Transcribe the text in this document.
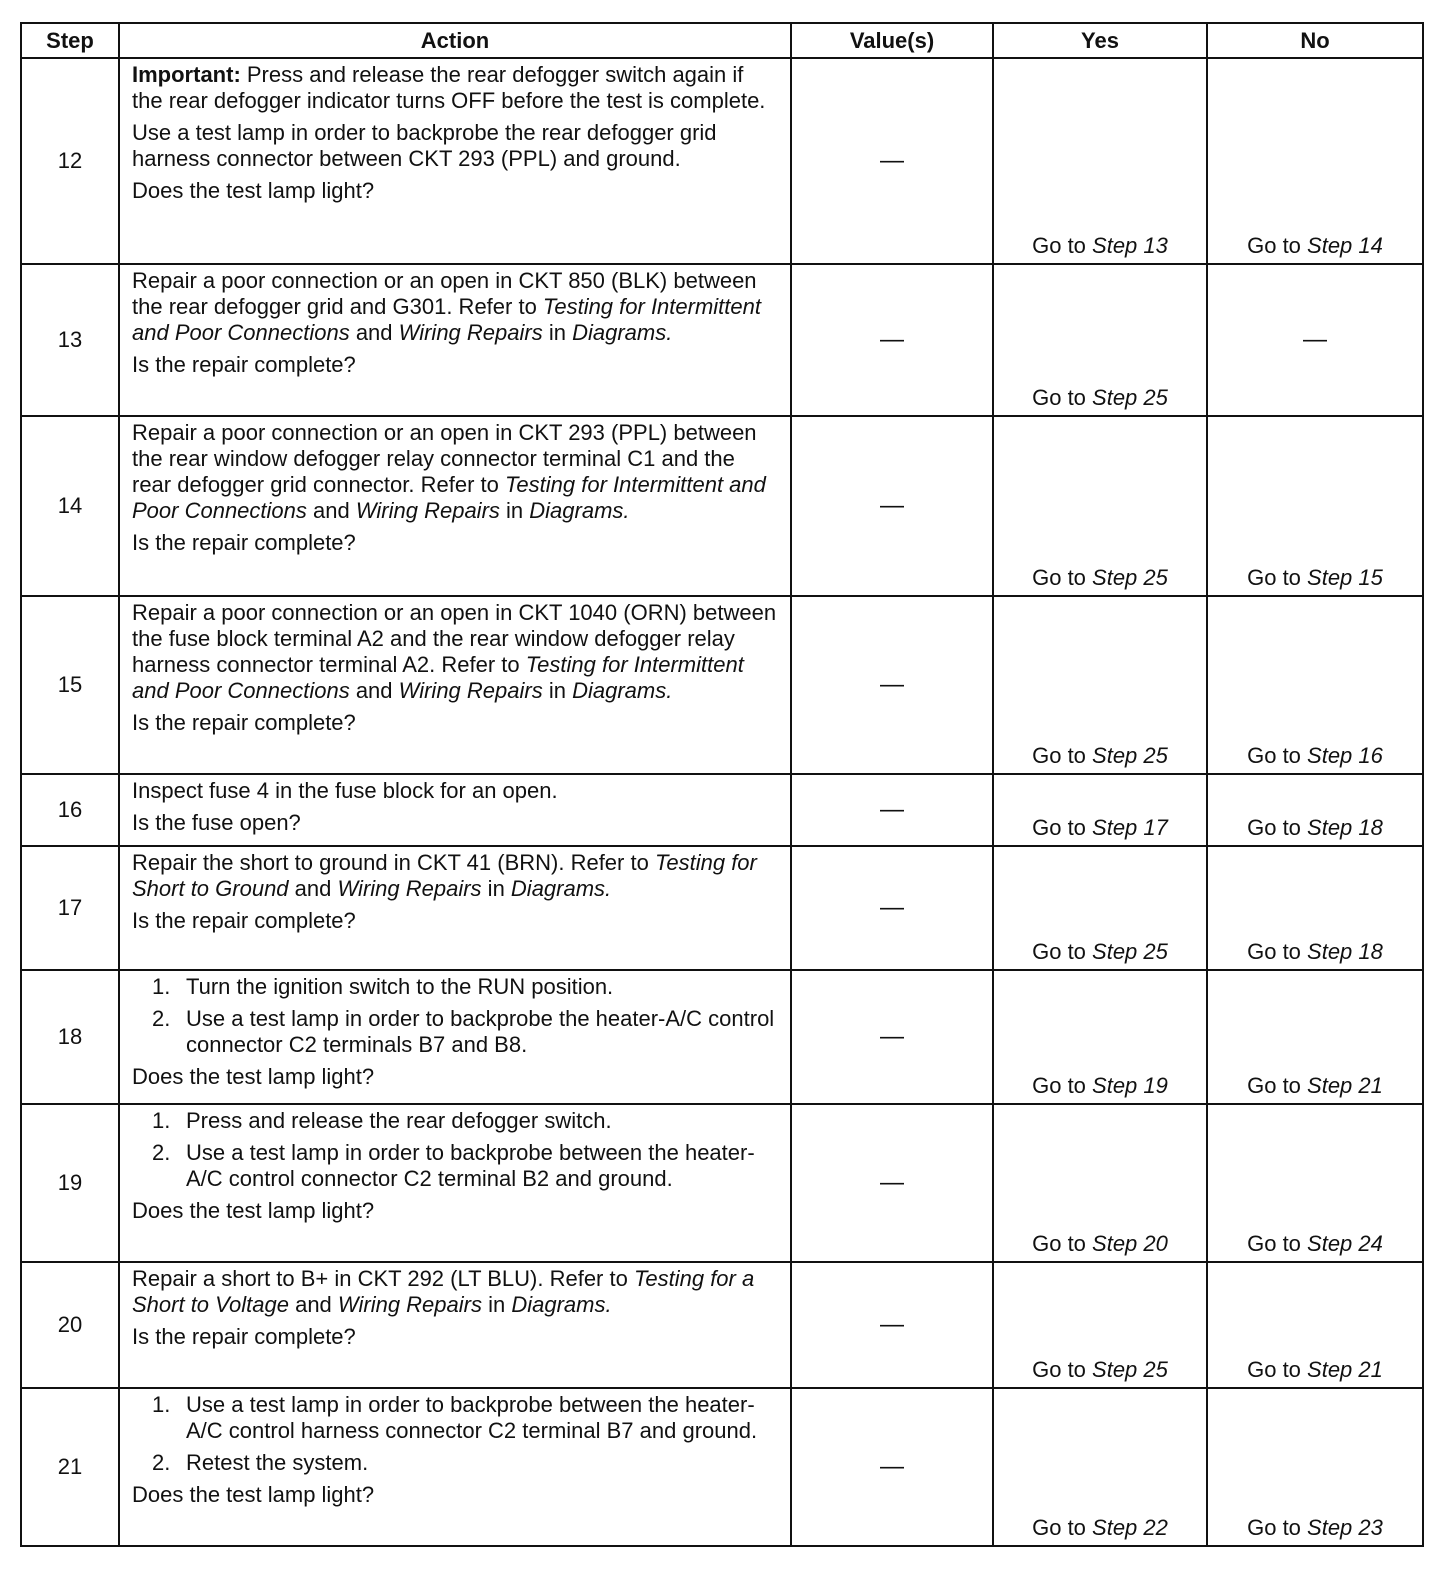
Step	Action	Value(s)	Yes	No
12	Important: Press and release the rear defogger switch again if the rear defogger indicator turns OFF before the test is complete.

Use a test lamp in order to backprobe the rear defogger grid harness connector between CKT 293 (PPL) and ground.

Does the test lamp light?	—	Go to Step 13	Go to Step 14
13	Repair a poor connection or an open in CKT 850 (BLK) between the rear defogger grid and G301. Refer to Testing for Intermittent and Poor Connections and Wiring Repairs in Diagrams.

Is the repair complete?	—	Go to Step 25	—
14	Repair a poor connection or an open in CKT 293 (PPL) between the rear window defogger relay connector terminal C1 and the rear defogger grid connector. Refer to Testing for Intermittent and Poor Connections and Wiring Repairs in Diagrams.

Is the repair complete?	—	Go to Step 25	Go to Step 15
15	Repair a poor connection or an open in CKT 1040 (ORN) between the fuse block terminal A2 and the rear window defogger relay harness connector terminal A2. Refer to Testing for Intermittent and Poor Connections and Wiring Repairs in Diagrams.

Is the repair complete?	—	Go to Step 25	Go to Step 16
16	Inspect fuse 4 in the fuse block for an open.

Is the fuse open?	—	Go to Step 17	Go to Step 18
17	Repair the short to ground in CKT 41 (BRN). Refer to Testing for Short to Ground and Wiring Repairs in Diagrams.

Is the repair complete?	—	Go to Step 25	Go to Step 18
18	1. Turn the ignition switch to the RUN position.
2. Use a test lamp in order to backprobe the heater-A/C control connector C2 terminals B7 and B8.

Does the test lamp light?	—	Go to Step 19	Go to Step 21
19	1. Press and release the rear defogger switch.
2. Use a test lamp in order to backprobe between the heater-A/C control connector C2 terminal B2 and ground.

Does the test lamp light?	—	Go to Step 20	Go to Step 24
20	Repair a short to B+ in CKT 292 (LT BLU). Refer to Testing for a Short to Voltage and Wiring Repairs in Diagrams.

Is the repair complete?	—	Go to Step 25	Go to Step 21
21	1. Use a test lamp in order to backprobe between the heater-A/C control harness connector C2 terminal B7 and ground.
2. Retest the system.

Does the test lamp light?	—	Go to Step 22	Go to Step 23
